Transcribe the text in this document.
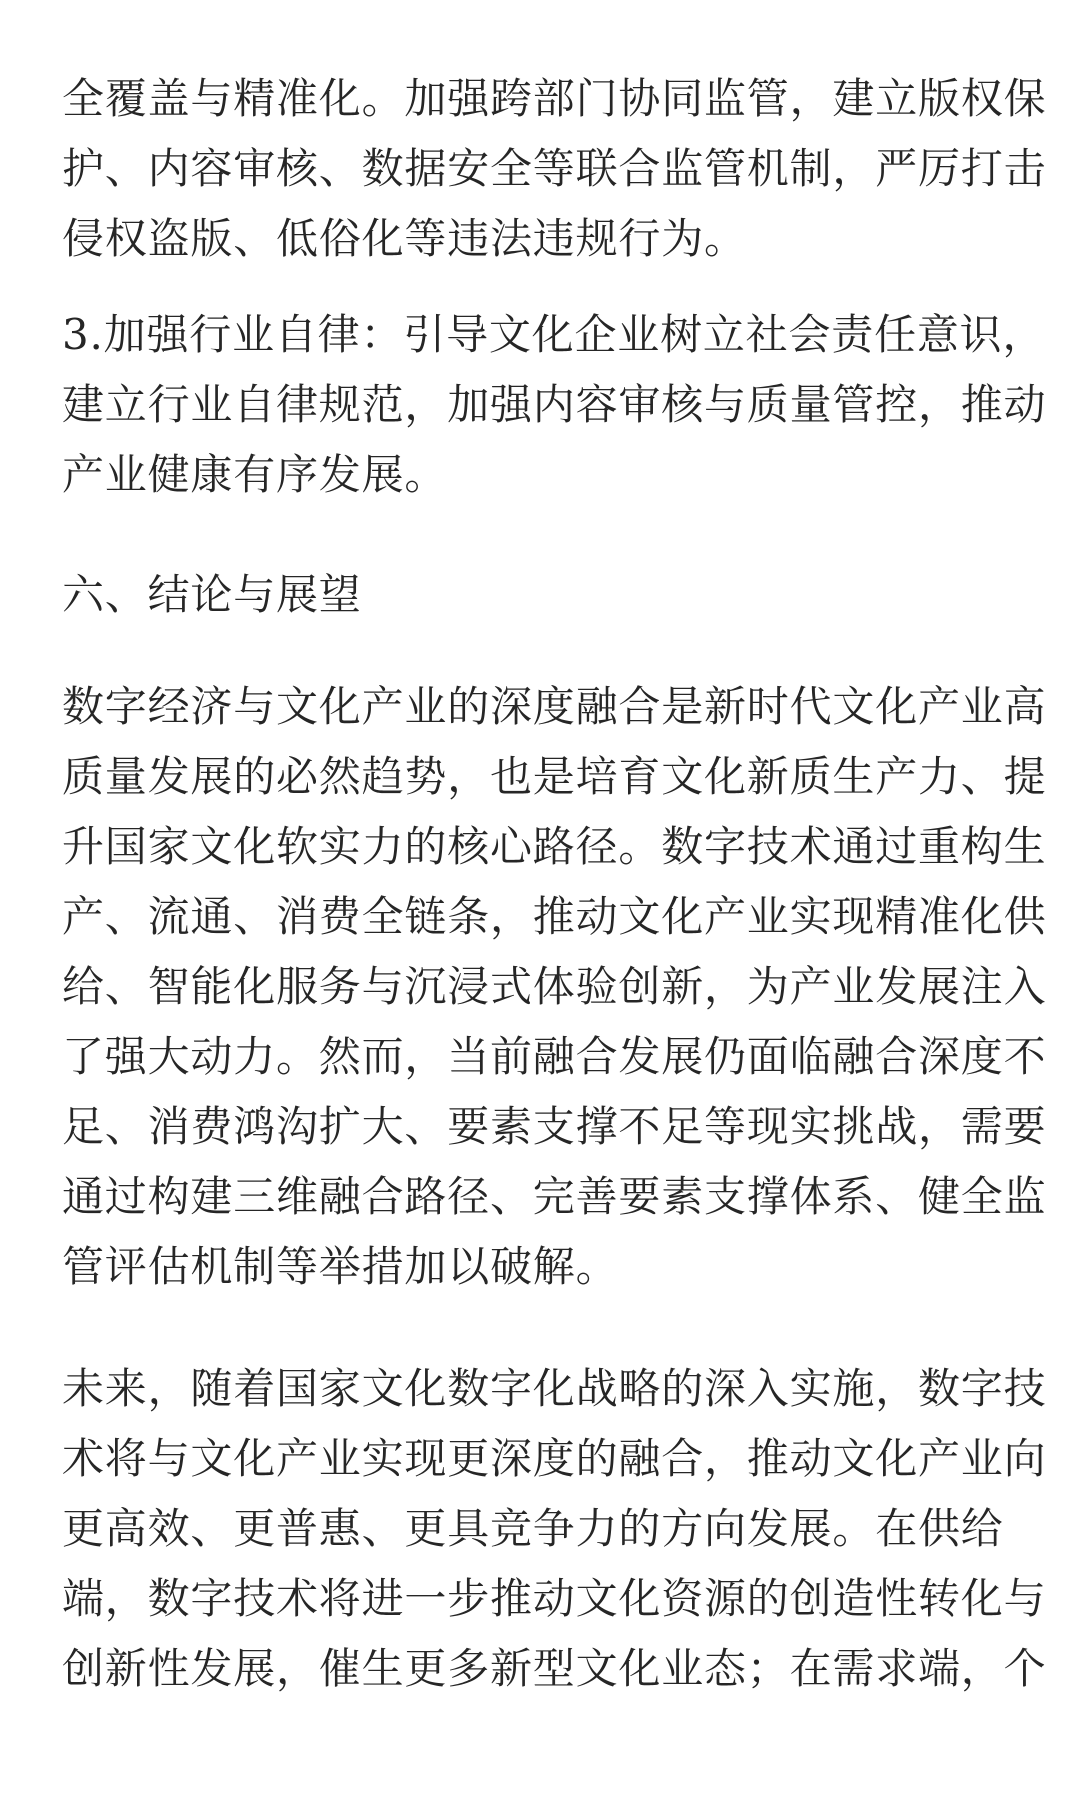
全覆盖与精准化。加强跨部门协同监管，建立版权保
护、内容审核、数据安全等联合监管机制，严厉打击
侵权盗版、低俗化等违法违规行为。

3.加强行业自律：引导文化企业树立社会责任意识，
建立行业自律规范，加强内容审核与质量管控，推动
产业健康有序发展。

六、结论与展望

数字经济与文化产业的深度融合是新时代文化产业高
质量发展的必然趋势，也是培育文化新质生产力、提
升国家文化软实力的核心路径。数字技术通过重构生
产、流通、消费全链条，推动文化产业实现精准化供
给、智能化服务与沉浸式体验创新，为产业发展注入
了强大动力。然而，当前融合发展仍面临融合深度不
足、消费鸿沟扩大、要素支撑不足等现实挑战，需要
通过构建三维融合路径、完善要素支撑体系、健全监
管评估机制等举措加以破解。

未来，随着国家文化数字化战略的深入实施，数字技
术将与文化产业实现更深度的融合，推动文化产业向
更高效、更普惠、更具竞争力的方向发展。在供给
端，数字技术将进一步推动文化资源的创造性转化与
创新性发展，催生更多新型文化业态；在需求端，个
